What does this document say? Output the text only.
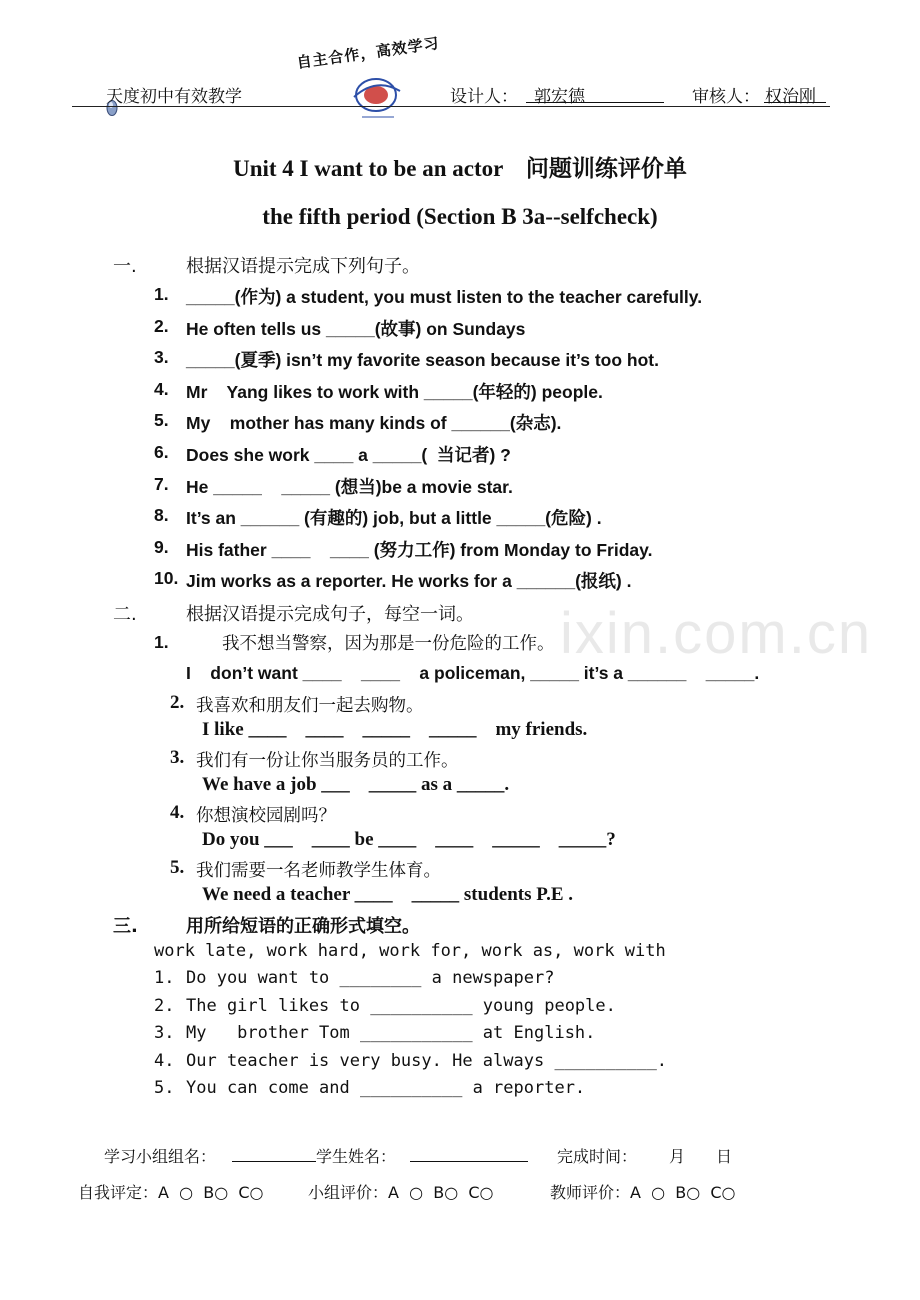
ixin.com.cn

天度初中有效教学

自主合作，高效学习

设计人： 郭宏德	审核人： 权治刚
Unit 4 I want to be an actor    问题训练评价单
the fifth period (Section B 3a--selfcheck)
一.	根据汉语提示完成下列句子。
1. _____(作为) a student, you must listen to the teacher carefully.
2. He often tells us _____(故事) on Sundays
3. _____(夏季) isn’t my favorite season because it’s too hot.
4. Mr    Yang likes to work with _____(年轻的) people.
5. My    mother has many kinds of ______(杂志).
6. Does she work ____ a _____(  当记者) ?
7. He _____    _____ (想当)be a movie star.
8. It’s an ______ (有趣的) job, but a little _____(危险) .
9. His father ____    ____ (努力工作) from Monday to Friday.
10. Jim works as a reporter. He works for a ______(报纸) .
二.	根据汉语提示完成句子，每空一词。
1.	我不想当警察，因为那是一份危险的工作。
I    don’t want ____    ____    a policeman, _____ it’s a ______    _____.
2. 我喜欢和朋友们一起去购物。
I like ____    ____    _____    _____    my friends.
3. 我们有一份让你当服务员的工作。
We have a job ___    _____ as a _____.
4. 你想演校园剧吗？
Do you ___    ____ be ____    ____    _____    _____?
5. 我们需要一名老师教学生体育。
We need a teacher ____    _____ students P.E .
三.	用所给短语的正确形式填空。
work late, work hard, work for, work as, work with
1. Do you want to ________ a newspaper?
2. The girl likes to __________ young people.
3. My   brother Tom ___________ at English.
4. Our teacher is very busy. He always __________.
5. You can come and __________ a reporter.
学习小组组名：	学生姓名：	完成时间： 月 日
自我评定：A  ○  B○  C○	小组评价：A  ○  B○  C○	教师评价：A  ○  B○  C○
